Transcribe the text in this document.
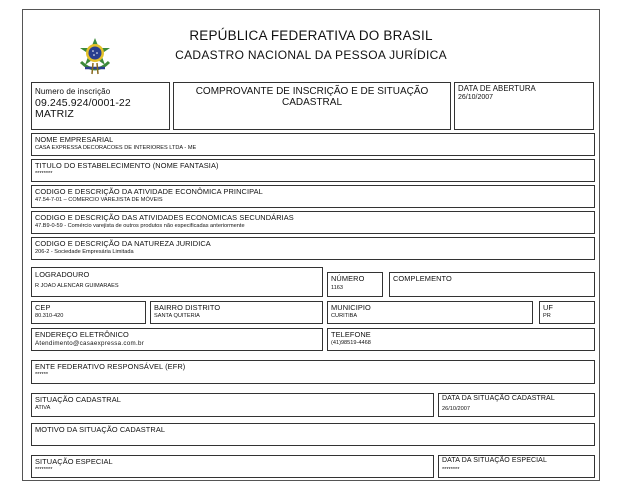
REPÚBLICA FEDERATIVA DO BRASIL
CADASTRO NACIONAL DA PESSOA JURÍDICA
Numero de inscrição
09.245.924/0001-22
MATRIZ
COMPROVANTE DE INSCRIÇÃO E DE SITUAÇÃO
CADASTRAL
DATA DE ABERTURA
26/10/2007
NOME EMPRESARIAL
CASA EXPRESSA DECORACOES DE INTERIORES LTDA - ME
TITULO DO ESTABELECIMENTO (NOME FANTASIA)
********
CODIGO E DESCRIÇÃO DA ATIVIDADE ECONÔMICA PRINCIPAL
47.54-7-01 – COMERCIO VAREJISTA DE MÓVEIS
CODIGO E DESCRIÇÃO DAS ATIVIDADES ECONOMICAS SECUNDÁRIAS
47.B9-0-59 - Comércio varejista de outros produtos não especificadas anteriormente
CODIGO E DESCRIÇÃO DA NATUREZA JURIDICA
206-2 - Sociedade Empresária Limitada
LOGRADOURO
R JOAO ALENCAR GUIMARAES
NÚMERO
1163
COMPLEMENTO
CEP
80.310-420
BAIRRO DISTRITO
SANTA QUITERIA
MUNICIPIO
CURITIBA
UF
PR
ENDEREÇO ELETRÔNICO
Atendimento@casaexpressa.com.br
TELEFONE
(41)98519-4468
ENTE FEDERATIVO RESPONSÁVEL (EFR)
******
SITUAÇÃO CADASTRAL
ATIVA
DATA DA SITUAÇÃO CADASTRAL
26/10/2007
MOTIVO DA SITUAÇÃO CADASTRAL
SITUAÇÃO ESPECIAL
********
DATA DA SITUAÇÃO ESPECIAL
********
